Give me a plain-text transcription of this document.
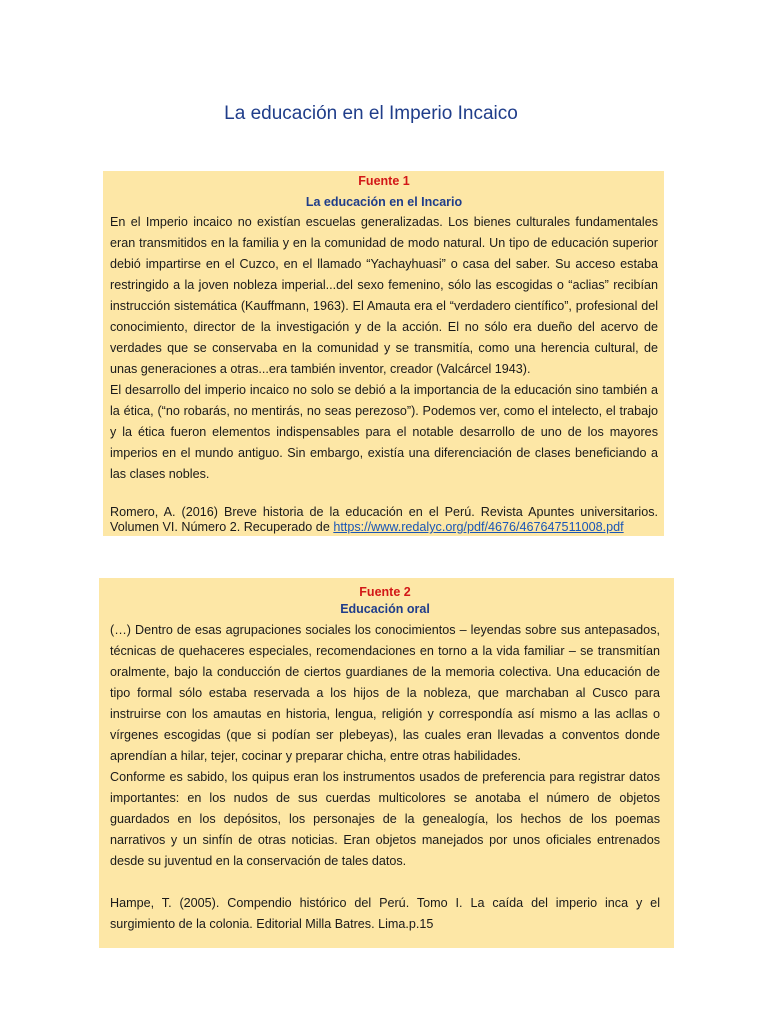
La educación en el Imperio Incaico
Fuente 1
La educación en el Incario

En el Imperio incaico no existían escuelas generalizadas. Los bienes culturales fundamentales eran transmitidos en la familia y en la comunidad de modo natural. Un tipo de educación superior debió impartirse en el Cuzco, en el llamado “Yachayhuasi” o casa del saber. Su acceso estaba restringido a la joven nobleza imperial...del sexo femenino, sólo las escogidas o “aclias” recibían instrucción sistemática (Kauffmann, 1963). El Amauta era el “verdadero científico”, profesional del conocimiento, director de la investigación y de la acción. El no sólo era dueño del acervo de verdades que se conservaba en la comunidad y se transmitía, como una herencia cultural, de unas generaciones a otras...era también inventor, creador (Valcárcel 1943).

El desarrollo del imperio incaico no solo se debió a la importancia de la educación sino también a la ética, (“no robarás, no mentirás, no seas perezoso”). Podemos ver, como el intelecto, el trabajo y la ética fueron elementos indispensables para el notable desarrollo de uno de los mayores imperios en el mundo antiguo. Sin embargo, existía una diferenciación de clases beneficiando a las clases nobles.

Romero, A. (2016) Breve historia de la educación en el Perú. Revista Apuntes universitarios. Volumen VI. Número 2. Recuperado de https://www.redalyc.org/pdf/4676/467647511008.pdf

Fuente 2
Educación oral

(…) Dentro de esas agrupaciones sociales los conocimientos – leyendas sobre sus antepasados, técnicas de quehaceres especiales, recomendaciones en torno a la vida familiar – se transmitían oralmente, bajo la conducción de ciertos guardianes de la memoria colectiva. Una educación de tipo formal sólo estaba reservada a los hijos de la nobleza, que marchaban al Cusco para instruirse con los amautas en historia, lengua, religión y correspondía así mismo a las acllas o vírgenes escogidas (que si podían ser plebeyas), las cuales eran llevadas a conventos donde aprendían a hilar, tejer, cocinar y preparar chicha, entre otras habilidades.

Conforme es sabido, los quipus eran los instrumentos usados de preferencia para registrar datos importantes: en los nudos de sus cuerdas multicolores se anotaba el número de objetos guardados en los depósitos, los personajes de la genealogía, los hechos de los poemas narrativos y un sinfín de otras noticias. Eran objetos manejados por unos oficiales entrenados desde su juventud en la conservación de tales datos.

Hampe, T. (2005). Compendio histórico del Perú. Tomo I. La caída del imperio inca y el surgimiento de la colonia. Editorial Milla Batres. Lima.p.15
